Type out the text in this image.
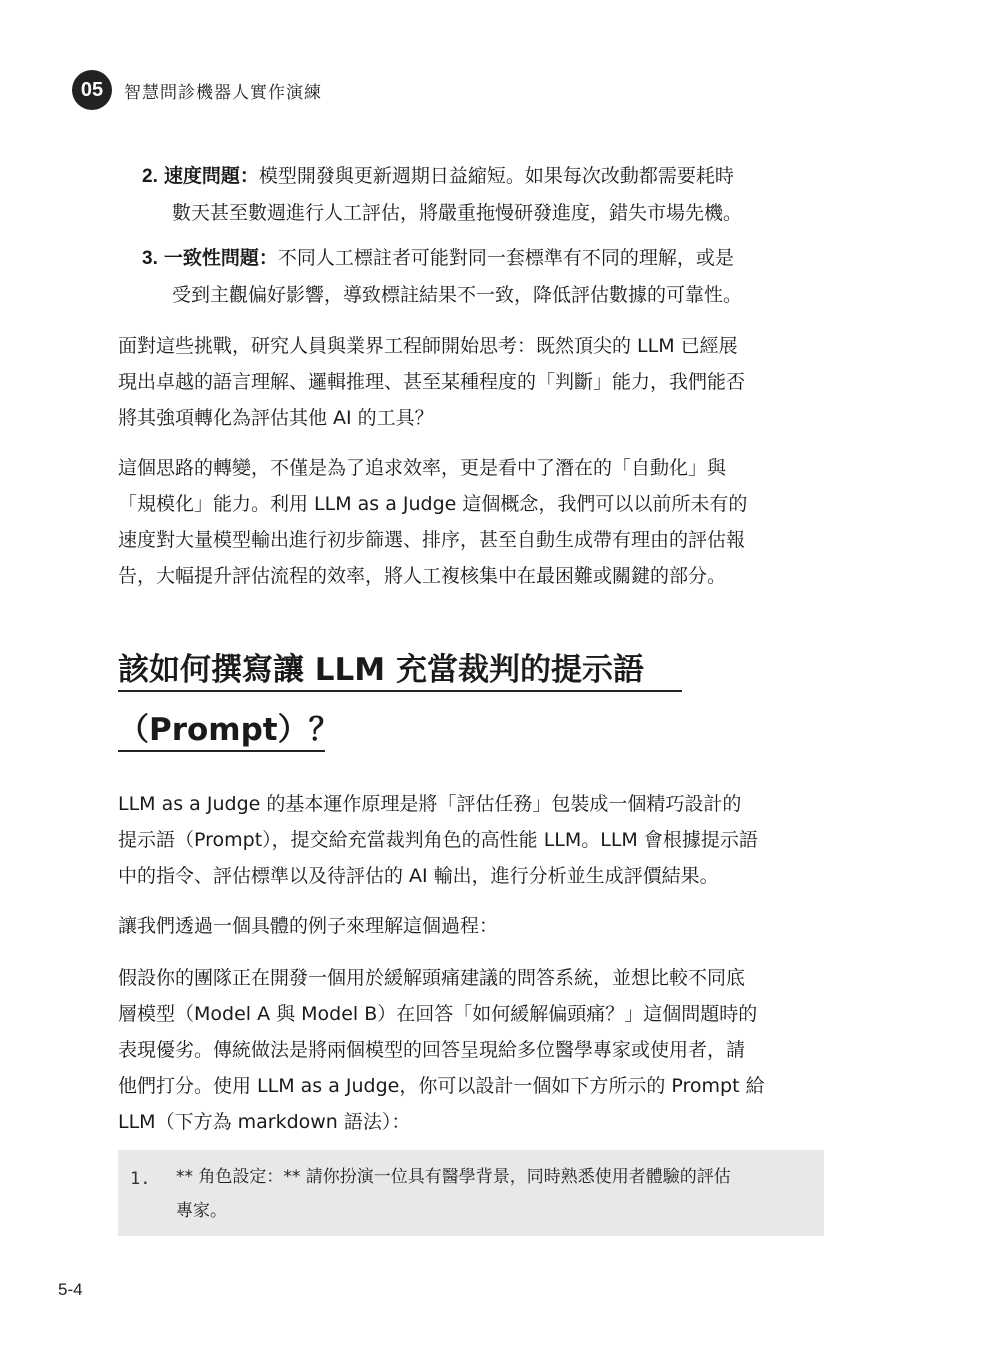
05	智慧問診機器人實作演練
2. 速度問題：模型開發與更新週期日益縮短。如果每次改動都需要耗時
數天甚至數週進行人工評估，將嚴重拖慢研發進度，錯失市場先機。
3. 一致性問題：不同人工標註者可能對同一套標準有不同的理解，或是
受到主觀偏好影響，導致標註結果不一致，降低評估數據的可靠性。

面對這些挑戰，研究人員與業界工程師開始思考：既然頂尖的 LLM 已經展
現出卓越的語言理解、邏輯推理、甚至某種程度的「判斷」能力，我們能否
將其強項轉化為評估其他 AI 的工具？

這個思路的轉變，不僅是為了追求效率，更是看中了潛在的「自動化」與
「規模化」能力。利用 LLM as a Judge 這個概念，我們可以以前所未有的
速度對大量模型輸出進行初步篩選、排序，甚至自動生成帶有理由的評估報
告，大幅提升評估流程的效率，將人工複核集中在最困難或關鍵的部分。

該如何撰寫讓 LLM 充當裁判的提示語
（Prompt）？

LLM as a Judge 的基本運作原理是將「評估任務」包裝成一個精巧設計的
提示語（Prompt），提交給充當裁判角色的高性能 LLM。LLM 會根據提示語
中的指令、評估標準以及待評估的 AI 輸出，進行分析並生成評價結果。

讓我們透過一個具體的例子來理解這個過程：

假設你的團隊正在開發一個用於緩解頭痛建議的問答系統，並想比較不同底
層模型（Model A 與 Model B）在回答「如何緩解偏頭痛？」這個問題時的
表現優劣。傳統做法是將兩個模型的回答呈現給多位醫學專家或使用者，請
他們打分。使用 LLM as a Judge，你可以設計一個如下方所示的 Prompt 給
LLM（下方為 markdown 語法）：

1. ** 角色設定：** 請你扮演一位具有醫學背景，同時熟悉使用者體驗的評估
專家。
5-4
